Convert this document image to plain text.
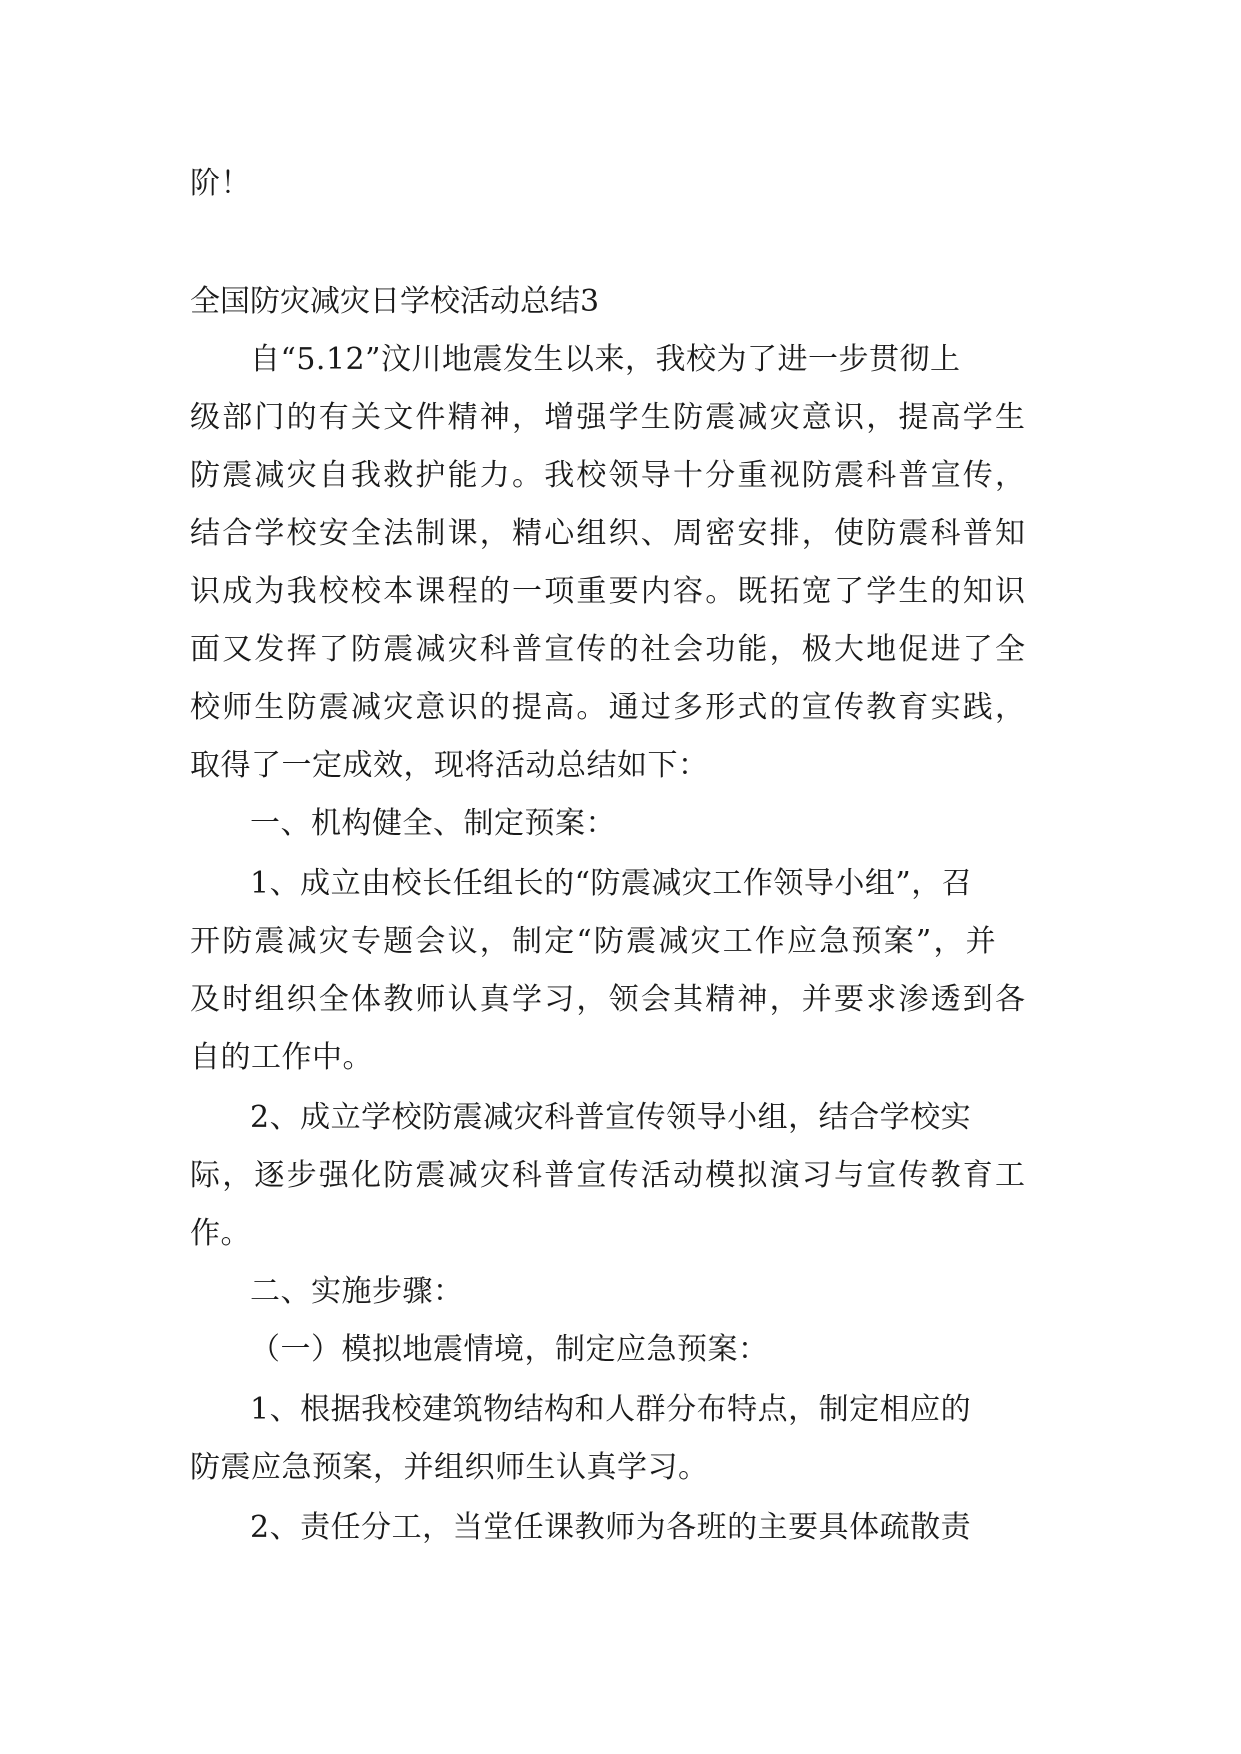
阶！
全国防灾减灾日学校活动总结3
自“5.12”汶川地震发生以来，我校为了进一步贯彻上
级部门的有关文件精神，增强学生防震减灾意识，提高学生
防震减灾自我救护能力。我校领导十分重视防震科普宣传，
结合学校安全法制课，精心组织、周密安排，使防震科普知
识成为我校校本课程的一项重要内容。既拓宽了学生的知识
面又发挥了防震减灾科普宣传的社会功能，极大地促进了全
校师生防震减灾意识的提高。通过多形式的宣传教育实践，
取得了一定成效，现将活动总结如下：
一、机构健全、制定预案：
1、成立由校长任组长的“防震减灾工作领导小组”，召
开防震减灾专题会议，制定“防震减灾工作应急预案”，并
及时组织全体教师认真学习，领会其精神，并要求渗透到各
自的工作中。
2、成立学校防震减灾科普宣传领导小组，结合学校实
际，逐步强化防震减灾科普宣传活动模拟演习与宣传教育工
作。
二、实施步骤：
（一）模拟地震情境，制定应急预案：
1、根据我校建筑物结构和人群分布特点，制定相应的
防震应急预案，并组织师生认真学习。
2、责任分工，当堂任课教师为各班的主要具体疏散责
